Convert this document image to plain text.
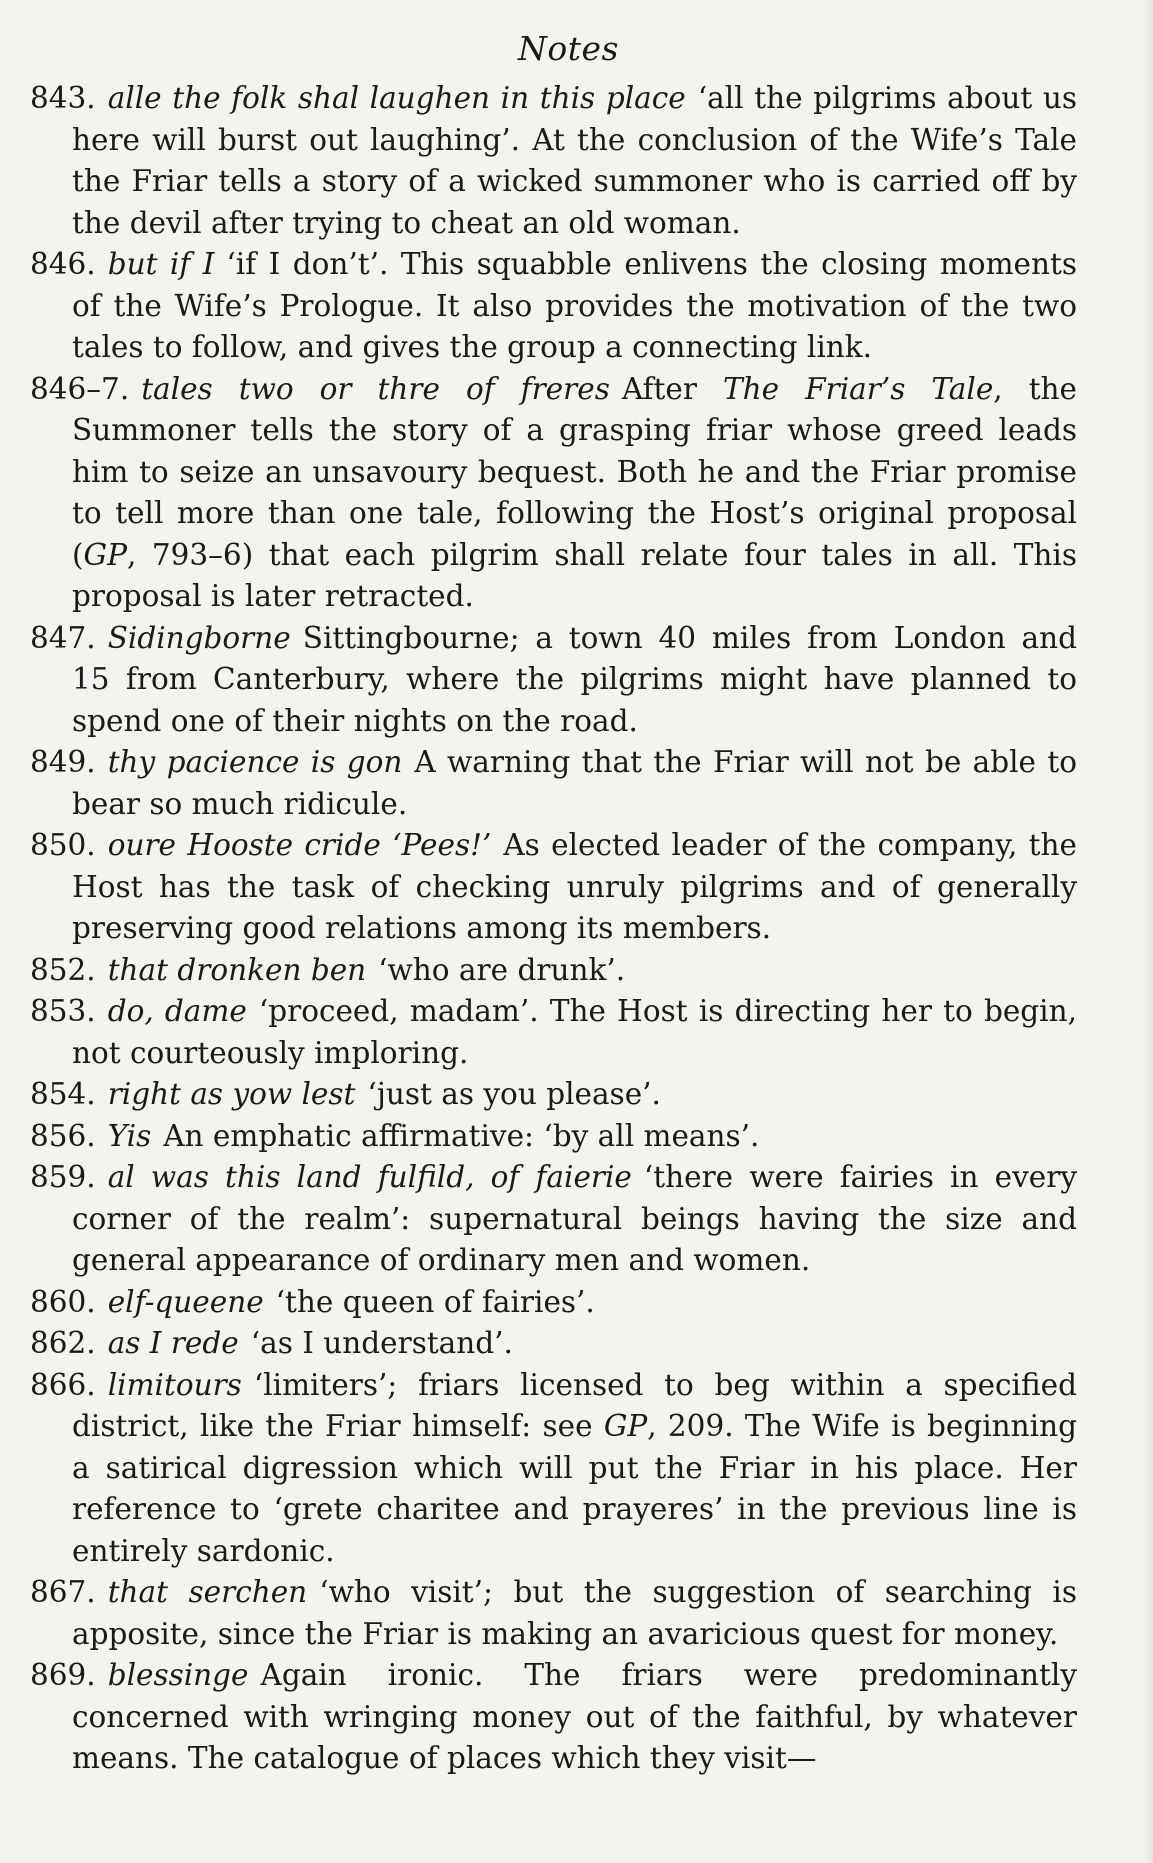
Notes

843. alle the folk shal laughen in this place ‘all the pilgrims about us here will burst out laughing’. At the conclusion of the Wife’s Tale the Friar tells a story of a wicked summoner who is carried off by the devil after trying to cheat an old woman.

846. but if I ‘if I don’t’. This squabble enlivens the closing moments of the Wife’s Prologue. It also provides the motivation of the two tales to follow, and gives the group a connecting link.

846–7. tales two or thre of freres After The Friar’s Tale, the Summoner tells the story of a grasping friar whose greed leads him to seize an unsavoury bequest. Both he and the Friar promise to tell more than one tale, following the Host’s original proposal (GP, 793–6) that each pilgrim shall relate four tales in all. This proposal is later retracted.

847. Sidingborne Sittingbourne; a town 40 miles from London and 15 from Canterbury, where the pilgrims might have planned to spend one of their nights on the road.

849. thy pacience is gon A warning that the Friar will not be able to bear so much ridicule.

850. oure Hooste cride ‘Pees!’ As elected leader of the company, the Host has the task of checking unruly pilgrims and of generally preserving good relations among its members.

852. that dronken ben ‘who are drunk’.

853. do, dame ‘proceed, madam’. The Host is directing her to begin, not courteously imploring.

854. right as yow lest ‘just as you please’.

856. Yis An emphatic affirmative: ‘by all means’.

859. al was this land fulfild, of faierie ‘there were fairies in every corner of the realm’: supernatural beings having the size and general appearance of ordinary men and women.

860. elf-queene ‘the queen of fairies’.

862. as I rede ‘as I understand’.

866. limitours ‘limiters’; friars licensed to beg within a specified district, like the Friar himself: see GP, 209. The Wife is beginning a satirical digression which will put the Friar in his place. Her reference to ‘grete charitee and prayeres’ in the previous line is entirely sardonic.

867. that serchen ‘who visit’; but the suggestion of searching is apposite, since the Friar is making an avaricious quest for money.

869. blessinge Again ironic. The friars were predominantly concerned with wringing money out of the faithful, by whatever means. The catalogue of places which they visit—
